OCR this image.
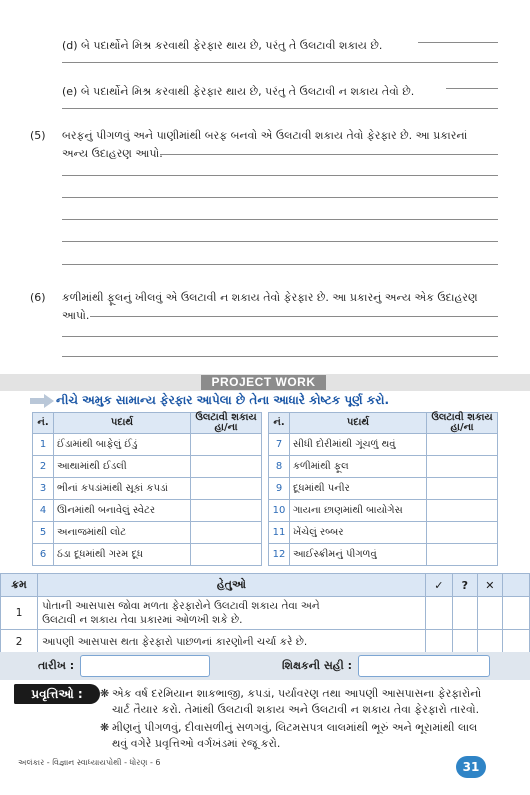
(d) બે પદાર્થોને મિશ્ર કરવાથી ફેરફાર થાય છે, પરંતુ તે ઉલટાવી શકાય છે.
(e) બે પદાર્થોને મિશ્ર કરવાથી ફેરફાર થાય છે, પરંતુ તે ઉલટાવી ન શકાય તેવો છે.
(5) બરફનું પીગળવું અને પાણીમાંથી બરફ બનવો એ ઉલટાવી શકાય તેવો ફેરફાર છે. આ પ્રકારનાં
અન્ય ઉદાહરણ આપો.
(6) કળીમાંથી ફૂલનું ખીલવું એ ઉલટાવી ન શકાય તેવો ફેરફાર છે. આ પ્રકારનું અન્ય એક ઉદાહરણ
આપો.
PROJECT WORK
નીચે અમુક સામાન્ય ફેરફાર આપેલા છે તેના આધારે કોષ્ટક પૂર્ણ કરો.
નં.	પદાર્થ	ઉલટાવી શકાય
હા/ના
1	ઈંડામાંથી બાફેલું ઈંડું	
2	આથામાંથી ઈડલી	
3	ભીનાં કપડાંમાંથી સૂકાં કપડાં	
4	ઊનમાંથી બનાવેલું સ્વેટર	
5	અનાજમાંથી લોટ	
6	ઠંડા દૂધમાંથી ગરમ દૂધ	
નં.	પદાર્થ	ઉલટાવી શકાય
હા/ના
7	સીધી દોરીમાંથી ગૂંચળું થવું	
8	કળીમાંથી ફૂલ	
9	દૂધમાંથી પનીર	
10	ગાયના છાણમાંથી બાયોગેસ	
11	ખેંચેલું રબ્બર	
12	આઈસ્ક્રીમનું પીગળવું	
ક્રમ	હેતુઓ	✓	?	✕	
1	પોતાની આસપાસ જોવા મળતા ફેરફારોને ઉલટાવી શકાય તેવા અને
ઉલટાવી ન શકાય તેવા પ્રકારમાં ઓળખી શકે છે.				
2	આપણી આસપાસ થતા ફેરફારો પાછળનાં કારણોની ચર્ચા કરે છે.				
તારીખ :	શિક્ષકની સહી :
પ્રવૃત્તિઓ :	❋ એક વર્ષ દરમિયાન શાકભાજી, કપડાં, પર્યાવરણ તથા આપણી આસપાસના ફેરફારોનો
ચાર્ટ તૈયાર કરો. તેમાંથી ઉલટાવી શકાય અને ઉલટાવી ન શકાય તેવા ફેરફારો તારવો.
❋ મીણનું પીગળવું, દીવાસળીનું સળગવું, લિટમસપત્ર લાલમાંથી ભૂરું અને ભૂરામાંથી લાલ
થવું વગેરે પ્રવૃત્તિઓ વર્ગખંડમાં રજૂ કરો.
અલંકાર - વિજ્ઞાન સ્વાધ્યાયપોથી - ધોરણ - 6	31
